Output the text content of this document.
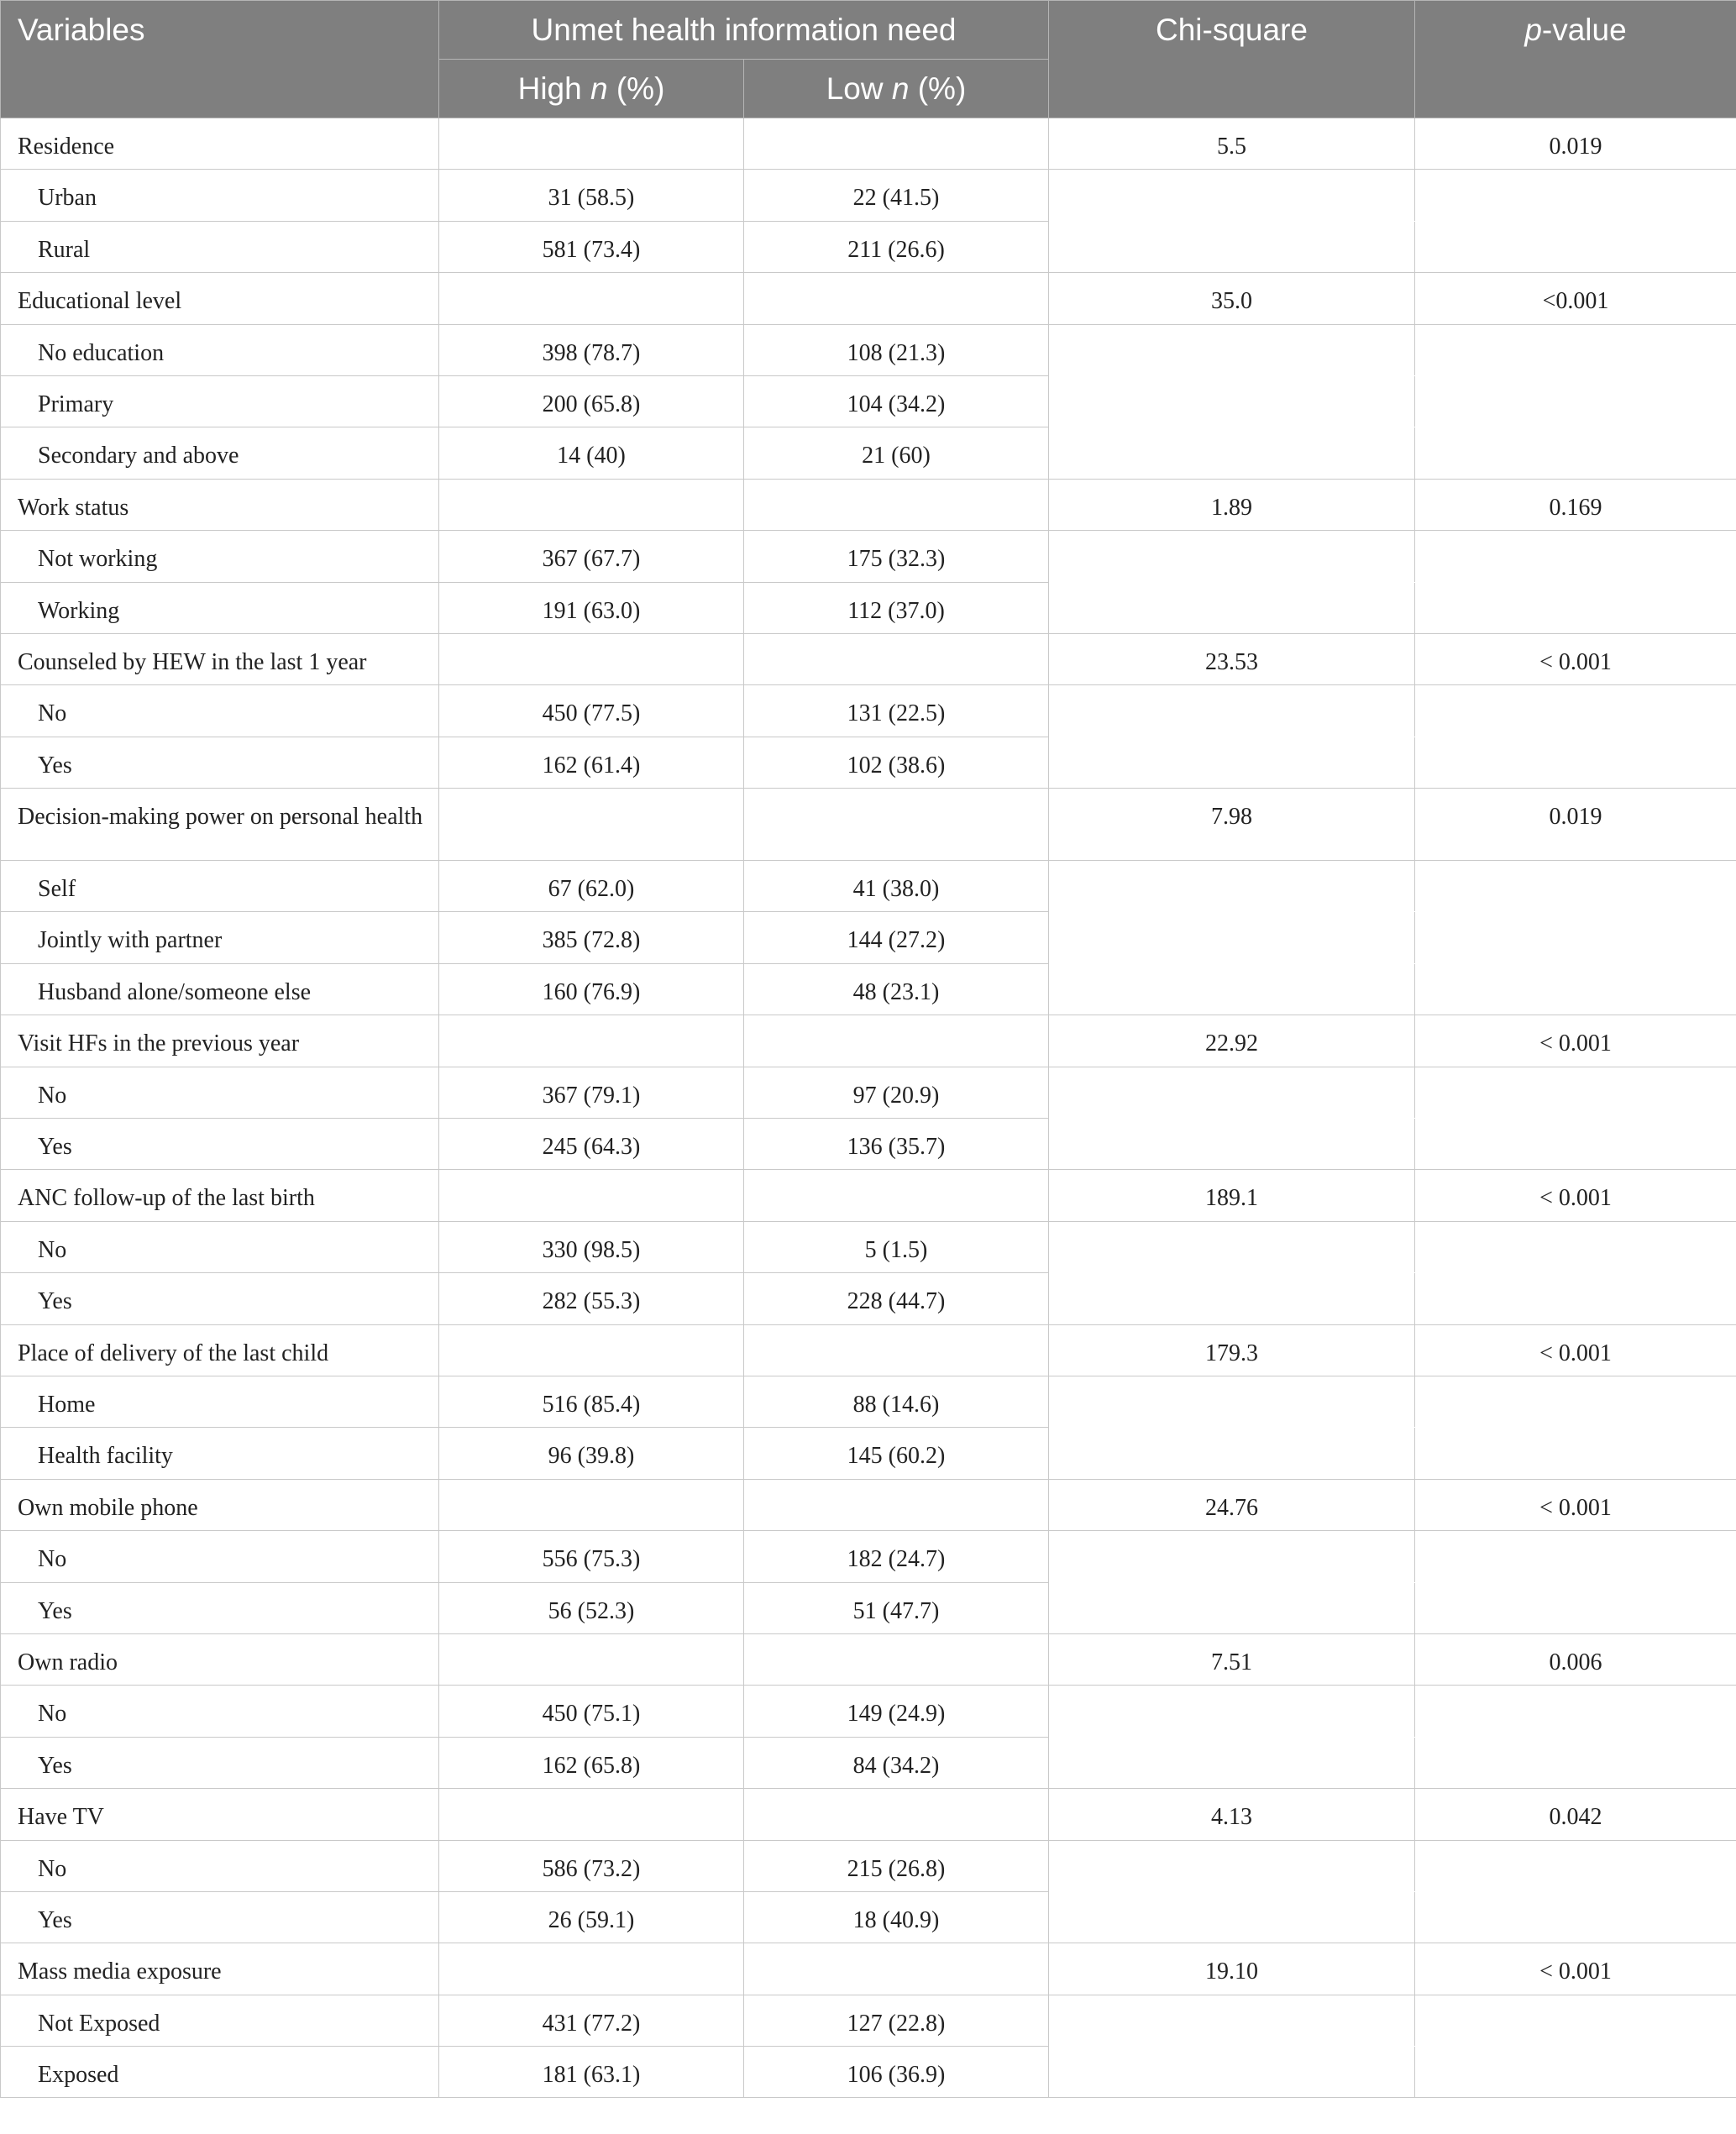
Variables	Unmet health information need		Chi-square	p-value
	High n (%)	Low n (%)		
Residence			5.5	0.019
Urban	31 (58.5)	22 (41.5)		
Rural	581 (73.4)	211 (26.6)		
Educational level			35.0	<0.001
No education	398 (78.7)	108 (21.3)		
Primary	200 (65.8)	104 (34.2)		
Secondary and above	14 (40)	21 (60)		
Work status			1.89	0.169
Not working	367 (67.7)	175 (32.3)		
Working	191 (63.0)	112 (37.0)		
Counseled by HEW in the last 1 year			23.53	< 0.001
No	450 (77.5)	131 (22.5)		
Yes	162 (61.4)	102 (38.6)		
Decision-making power on personal health			7.98	0.019
Self	67 (62.0)	41 (38.0)		
Jointly with partner	385 (72.8)	144 (27.2)		
Husband alone/someone else	160 (76.9)	48 (23.1)		
Visit HFs in the previous year			22.92	< 0.001
No	367 (79.1)	97 (20.9)		
Yes	245 (64.3)	136 (35.7)		
ANC follow-up of the last birth			189.1	< 0.001
No	330 (98.5)	5 (1.5)		
Yes	282 (55.3)	228 (44.7)		
Place of delivery of the last child			179.3	< 0.001
Home	516 (85.4)	88 (14.6)		
Health facility	96 (39.8)	145 (60.2)		
Own mobile phone			24.76	< 0.001
No	556 (75.3)	182 (24.7)		
Yes	56 (52.3)	51 (47.7)		
Own radio			7.51	0.006
No	450 (75.1)	149 (24.9)		
Yes	162 (65.8)	84 (34.2)		
Have TV			4.13	0.042
No	586 (73.2)	215 (26.8)		
Yes	26 (59.1)	18 (40.9)		
Mass media exposure			19.10	< 0.001
Not Exposed	431 (77.2)	127 (22.8)		
Exposed	181 (63.1)	106 (36.9)		
